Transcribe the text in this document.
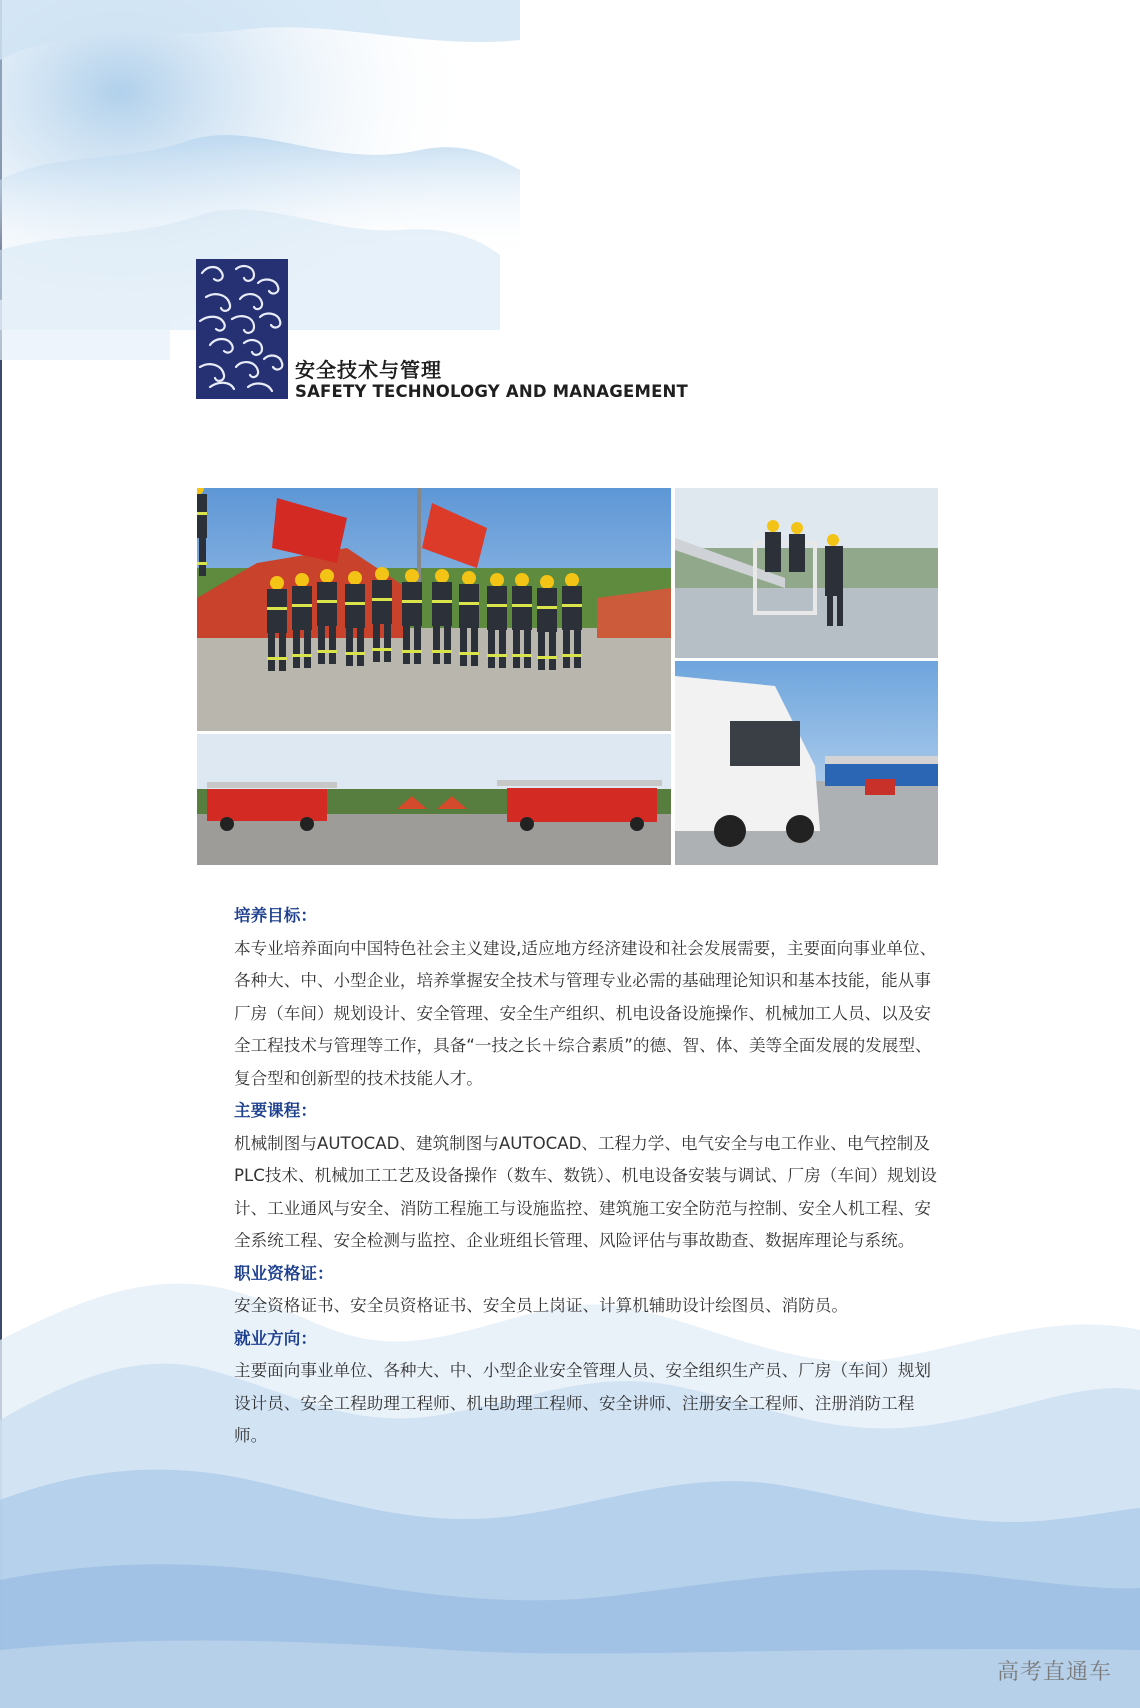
安全技术与管理
SAFETY TECHNOLOGY AND MANAGEMENT

培养目标：

本专业培养面向中国特色社会主义建设,适应地方经济建设和社会发展需要，主要面向事业单位、各种大、中、小型企业，培养掌握安全技术与管理专业必需的基础理论知识和基本技能，能从事厂房（车间）规划设计、安全管理、安全生产组织、机电设备设施操作、机械加工人员、以及安全工程技术与管理等工作，具备“一技之长＋综合素质”的德、智、体、美等全面发展的发展型、复合型和创新型的技术技能人才。

主要课程：

机械制图与AUTOCAD、建筑制图与AUTOCAD、工程力学、电气安全与电工作业、电气控制及PLC技术、机械加工工艺及设备操作（数车、数铣）、机电设备安装与调试、厂房（车间）规划设计、工业通风与安全、消防工程施工与设施监控、建筑施工安全防范与控制、安全人机工程、安全系统工程、安全检测与监控、企业班组长管理、风险评估与事故勘查、数据库理论与系统。

职业资格证：

安全资格证书、安全员资格证书、安全员上岗证、计算机辅助设计绘图员、消防员。

就业方向：

主要面向事业单位、各种大、中、小型企业安全管理人员、安全组织生产员、厂房（车间）规划设计员、安全工程助理工程师、机电助理工程师、安全讲师、注册安全工程师、注册消防工程师。

高考直通车
